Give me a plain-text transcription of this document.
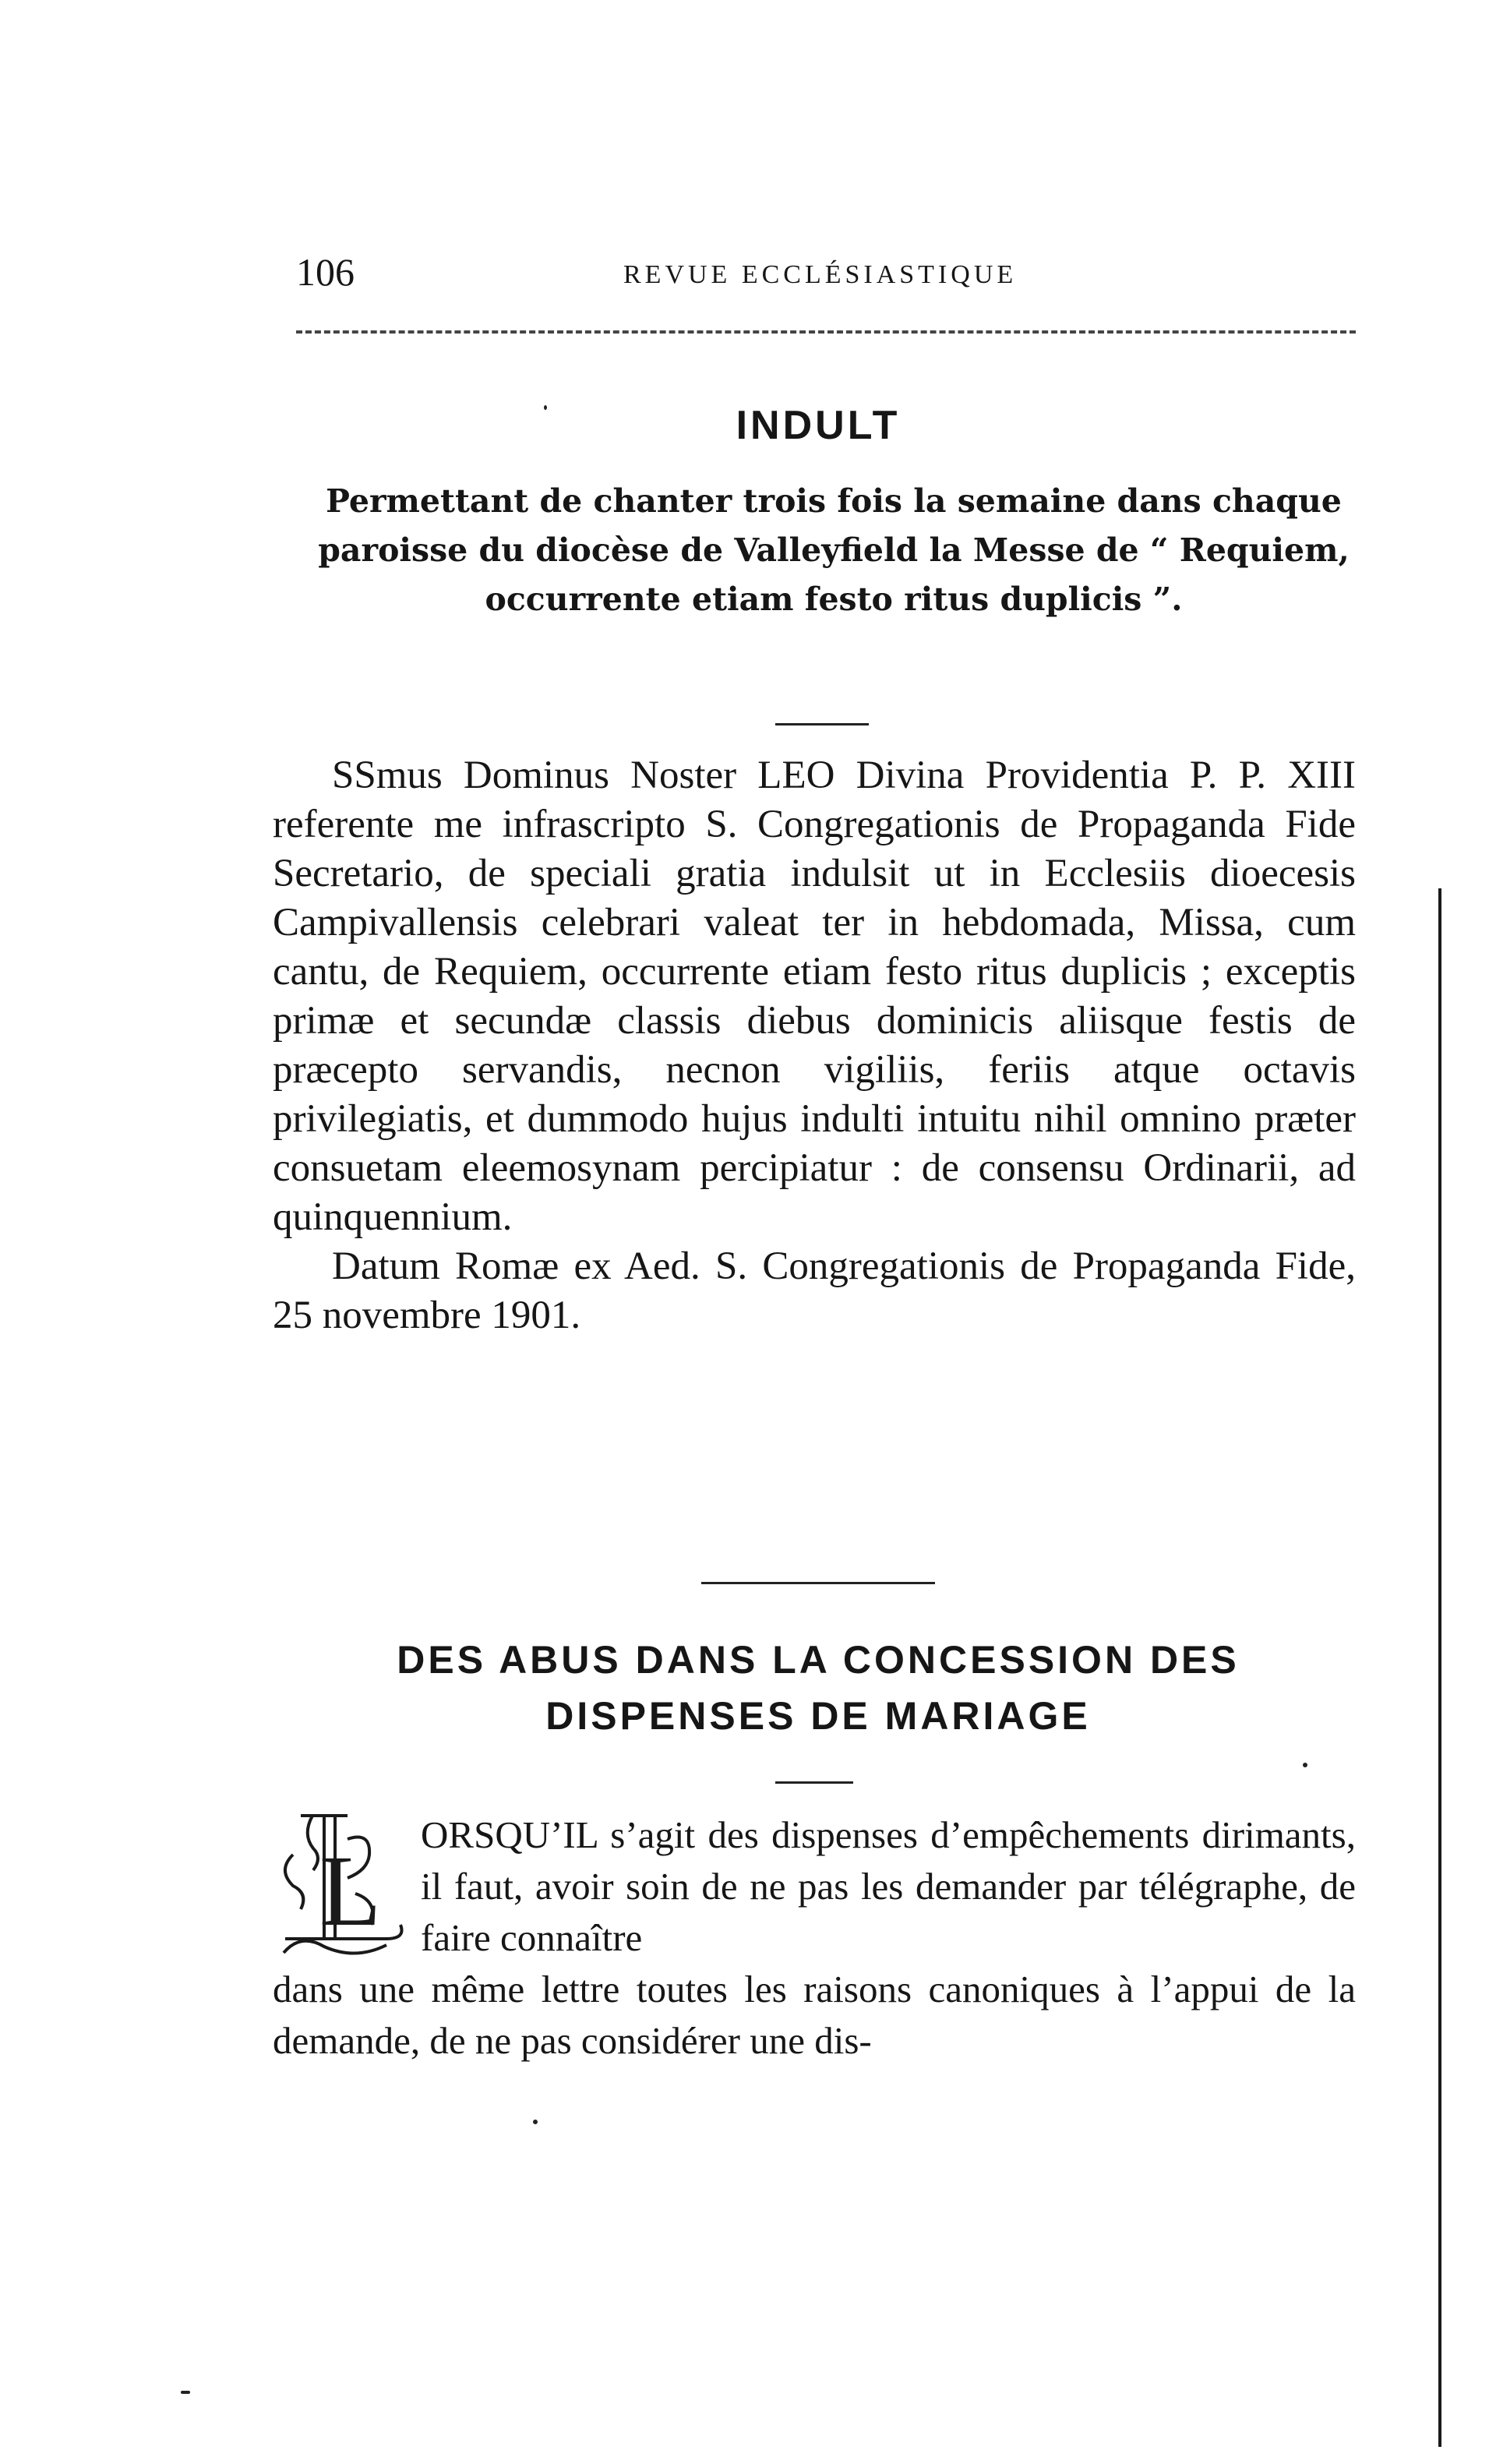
106	REVUE ECCLÉSIASTIQUE
INDULT
Permettant de chanter trois fois la semaine dans chaque paroisse du diocèse de Valleyfield la Messe de “ Requiem, occurrente etiam festo ritus duplicis ”.

SSmus Dominus Noster LEO Divina Providentia P. P. XIII referente me infrascripto S. Congregationis de Propaganda Fide Secretario, de speciali gratia indulsit ut in Ecclesiis dioecesis Campivallensis celebrari valeat ter in hebdomada, Missa, cum cantu, de Requiem, occurrente etiam festo ritus duplicis ; exceptis primæ et secundæ classis diebus dominicis aliisque festis de præcepto servandis, necnon vigiliis, feriis atque octavis privilegiatis, et dummodo hujus indulti intuitu nihil omnino præter consuetam eleemosynam percipiatur : de consensu Ordinarii, ad quinquennium.

Datum Romæ ex Aed. S. Congregationis de Propaganda Fide, 25 novembre 1901.

DES ABUS DANS LA CONCESSION DES DISPENSES DE MARIAGE
L

ORSQU’IL s’agit des dispenses d’empêchements dirimants, il faut, avoir soin de ne pas les demander par télégraphe, de faire connaître

dans une même lettre toutes les raisons canoniques à l’appui de la demande, de ne pas considérer une dis-
